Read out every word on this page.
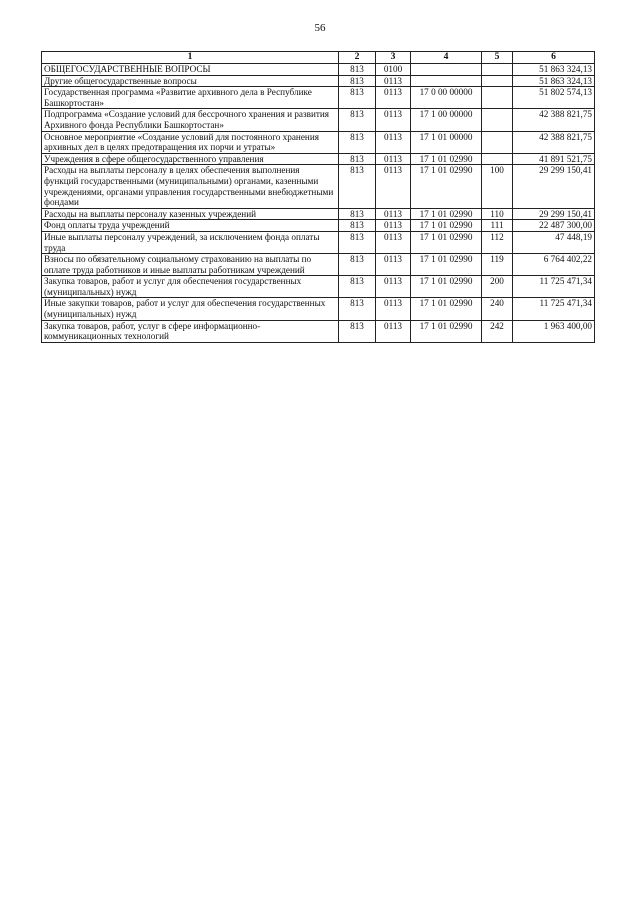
56
1	2	3	4	5	6
ОБЩЕГОСУДАРСТВЕННЫЕ ВОПРОСЫ	813	0100			51 863 324,13
Другие общегосударственные вопросы	813	0113			51 863 324,13
Государственная программа «Развитие архивного дела в Республике Башкортостан»	813	0113	17 0 00 00000		51 802 574,13
Подпрограмма «Создание условий для бессрочного хранения и развития Архивного фонда Республики Башкортостан»	813	0113	17 1 00 00000		42 388 821,75
Основное мероприятие «Создание условий для постоянного хранения архивных дел в целях предотвращения их порчи и утраты»	813	0113	17 1 01 00000		42 388 821,75
Учреждения в сфере общегосударственного управления	813	0113	17 1 01 02990		41 891 521,75
Расходы на выплаты персоналу в целях обеспечения выполнения функций государственными (муниципальными) органами, казенными учреждениями, органами управления государственными внебюджетными фондами	813	0113	17 1 01 02990	100	29 299 150,41
Расходы на выплаты персоналу казенных учреждений	813	0113	17 1 01 02990	110	29 299 150,41
Фонд оплаты труда учреждений	813	0113	17 1 01 02990	111	22 487 300,00
Иные выплаты персоналу учреждений, за исключением фонда оплаты труда	813	0113	17 1 01 02990	112	47 448,19
Взносы по обязательному социальному страхованию на выплаты по оплате труда работников и иные выплаты работникам учреждений	813	0113	17 1 01 02990	119	6 764 402,22
Закупка товаров, работ и услуг для обеспечения государственных (муниципальных) нужд	813	0113	17 1 01 02990	200	11 725 471,34
Иные закупки товаров, работ и услуг для обеспечения государственных (муниципальных) нужд	813	0113	17 1 01 02990	240	11 725 471,34
Закупка товаров, работ, услуг в сфере информационно-коммуникационных технологий	813	0113	17 1 01 02990	242	1 963 400,00
